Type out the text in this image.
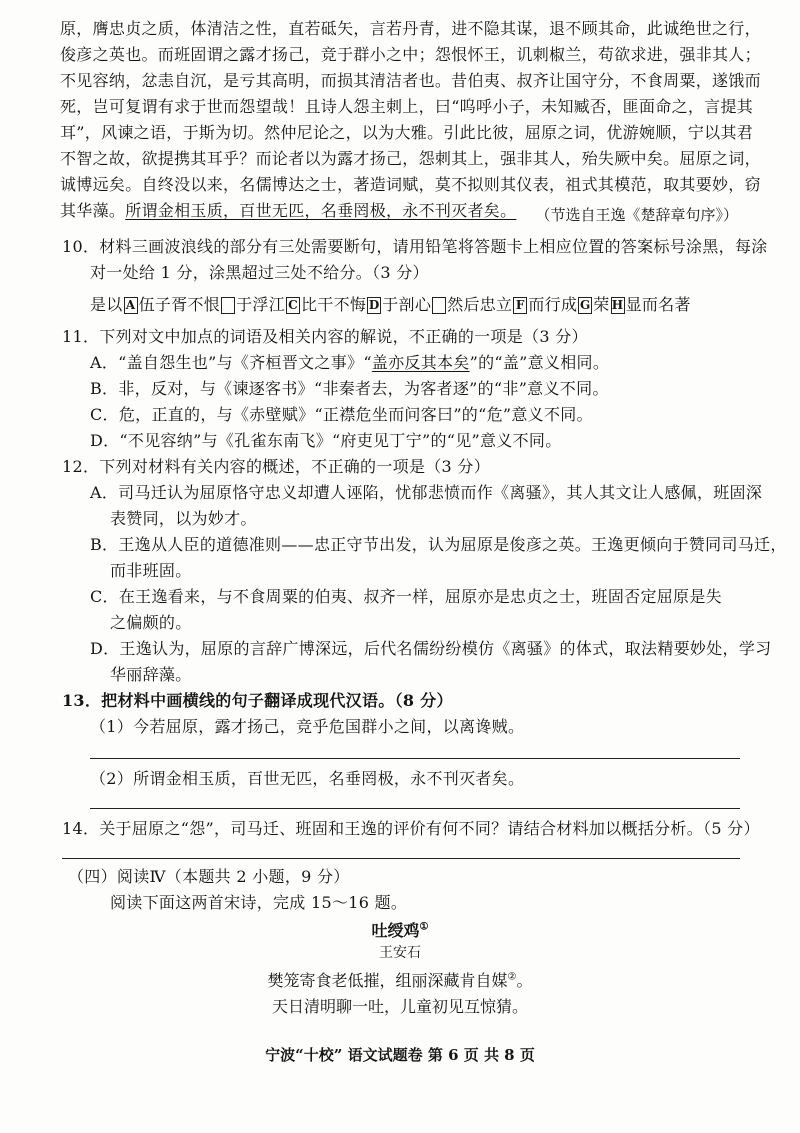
原，膺忠贞之质，体清洁之性，直若砥矢，言若丹青，进不隐其谋，退不顾其命，此诚绝世之行，
俊彦之英也。而班固谓之露才扬己，竞于群小之中；怨恨怀王，讥刺椒兰，苟欲求进，强非其人；
不见容纳，忿恚自沉，是亏其高明，而损其清洁者也。昔伯夷、叔齐让国守分，不食周粟，遂饿而
死，岂可复谓有求于世而怨望哉！且诗人怨主刺上，曰“呜呼小子，未知臧否，匪面命之，言提其
耳”，风谏之语，于斯为切。然仲尼论之，以为大雅。引此比彼，屈原之词，优游婉顺，宁以其君
不智之故，欲提携其耳乎？而论者以为露才扬己，怨刺其上，强非其人，殆失厥中矣。屈原之词，
诚博远矣。自终没以来，名儒博达之士，著造词赋，莫不拟则其仪表，祖式其模范，取其要妙，窃
其华藻。所谓金相玉质，百世无匹，名垂罔极，永不刊灭者矣。 （节选自王逸《楚辞章句序》）
10．材料三画波浪线的部分有三处需要断句，请用铅笔将答题卡上相应位置的答案标号涂黑，每涂
对一处给 1 分，涂黑超过三处不给分。（3 分）
是以 A 伍子胥不恨 于浮江 C 比干不悔 D 于剖心 然后忠立 F 而行成 G 荣 H 显而名著
11．下列对文中加点的词语及相关内容的解说，不正确的一项是（3 分）
A．“盖自怨生也”与《齐桓晋文之事》“盖亦反其本矣”的“盖”意义相同。
B．非，反对，与《谏逐客书》“非秦者去，为客者逐”的“非”意义不同。
C．危，正直的，与《赤壁赋》“正襟危坐而问客曰”的“危”意义不同。
D．“不见容纳”与《孔雀东南飞》“府吏见丁宁”的“见”意义不同。
12．下列对材料有关内容的概述，不正确的一项是（3 分）
A．司马迁认为屈原恪守忠义却遭人诬陷，忧郁悲愤而作《离骚》，其人其文让人感佩，班固深
表赞同，以为妙才。
B．王逸从人臣的道德准则——忠正守节出发，认为屈原是俊彦之英。王逸更倾向于赞同司马迁，
而非班固。
C．在王逸看来，与不食周粟的伯夷、叔齐一样，屈原亦是忠贞之士，班固否定屈原是失
之偏颇的。
D．王逸认为，屈原的言辞广博深远，后代名儒纷纷模仿《离骚》的体式，取法精要妙处，学习
华丽辞藻。
13．把材料中画横线的句子翻译成现代汉语。（8 分）
（1）今若屈原，露才扬己，竞乎危国群小之间，以离谗贼。
（2）所谓金相玉质，百世无匹，名垂罔极，永不刊灭者矣。
14．关于屈原之“怨”，司马迁、班固和王逸的评价有何不同？请结合材料加以概括分析。（5 分）
（四）阅读Ⅳ（本题共 2 小题，9 分）
阅读下面这两首宋诗，完成 15～16 题。
吐绶鸡①
王安石
樊笼寄食老低摧，组丽深藏肯自媒②。
天日清明聊一吐，儿童初见互惊猜。
宁波“十校” 语文试题卷 第 6 页 共 8 页
